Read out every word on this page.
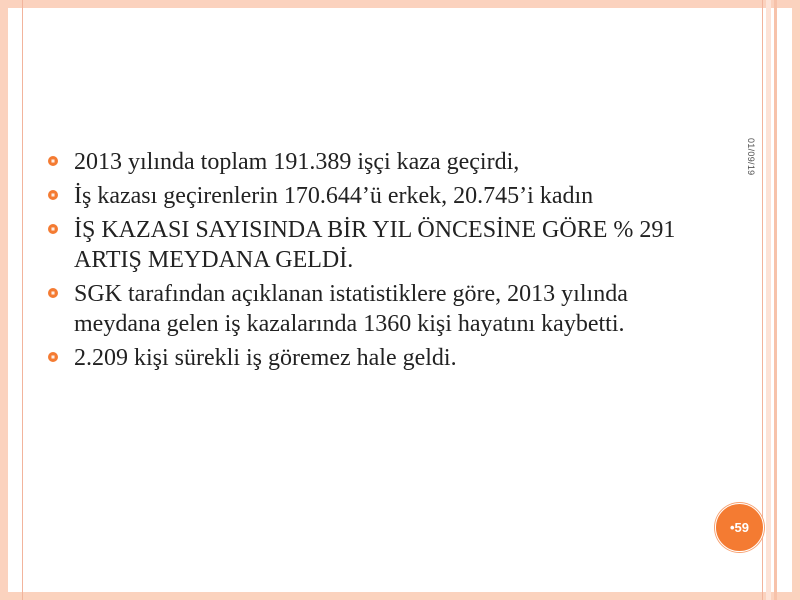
01/09/19
2013 yılında toplam 191.389 işçi kaza geçirdi,
İş kazası geçirenlerin 170.644’ü erkek, 20.745’i kadın
İŞ KAZASI SAYISINDA BİR YIL ÖNCESİNE GÖRE % 291 ARTIŞ MEYDANA GELDİ.
SGK tarafından açıklanan istatistiklere göre, 2013 yılında meydana gelen iş kazalarında 1360 kişi hayatını kaybetti.
2.209 kişi sürekli iş göremez hale geldi.
•59
